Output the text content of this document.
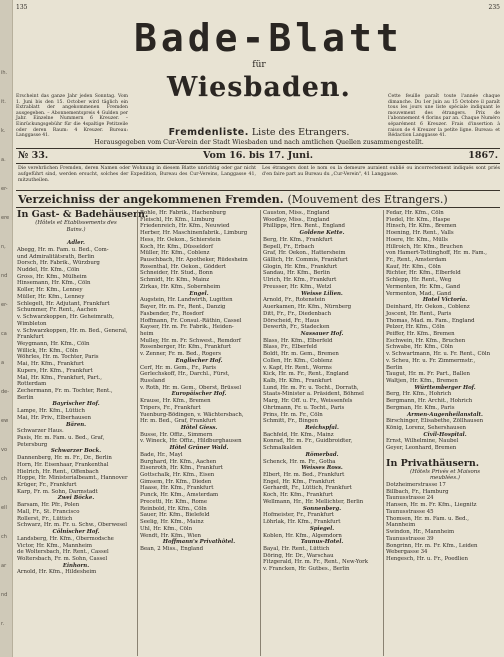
ih.
it.
k.
a.
er-
ere
n,
nd
er-
ca
a
de-
ew
vo
ch
ell
ch
ar
nd
r.
135	235
Bade-Blatt
für
Wiesbaden.
Erscheint das ganze Jahr jeden Sonntag. Vom 1. Juni bis den 15. October wird täglich ein Extrablatt der angekommenen Fremden ausgegeben. – Abonnementspreis 4 Gulden per Jahr. Einzelne Nummern 6 Kreuzer. – Einrückungsgebühr für die 4spaltige Petitzeile oder deren Raum: 4 Kreuzer. Bureau: Langgasse 41.
Cette feuille paraît toute l'année chaque dimanche. Du 1er juin au 15 Octobre il paraît tous les jours une liste spéciale indiquant le mouvement des étrangers. Prix de l'abonnement 4 florins par an. Chaque Numéro séparément 6 Kreuzer. Frais d'insertion à raison de 4 Kreuzer la petite ligne. Bureau: et Rédaction Langgasse 41.
Fremdenliste. Liste des Etrangers.
Herausgegeben vom Cur-Verein der Stadt Wiesbaden und nach amtlichen Quellen zusammengestellt.
№ 33.	Vom 16. bis 17. Juni.	1867.
Die verehrlichen Fremden, deren Namen oder Wohnung in diesem Blatte unrichtig oder gar nicht aufgeführt sind, werden ersucht, solches der Expedition, Bureau des Cur-Vereins, Langgasse 41, mitzutheilen.
Les étrangers dont le nom ou la demeure auraient oublié ou incorrectement indiqués sont priés d'en faire part au Bureau du „Cur-Verein", 41 Langgasse.
Verzeichniss der angekommenen Fremden. (Mouvement des Etrangers.)
In Gast- & Badehäusern.
(Hôtels et Etablissements des
Bains.)
Adler.
Abegg, Hr. m. Fam. u. Bed., Com-
und Admiralitätsrath, Berlin
Dorsch, Hr. Fabrik., Würzburg
Nuddel, Hr. Kfm., Cöln
Gross, Hr. Kfm., Mülheim
Hinsemann, Hr. Kfm., Cöln
Koller, Hr. Kfm., Lenney
Müller, Hr. Kfm., Lenney
Schlegelt, Hr. Adjutant, Frankfurt
Schummer, Fr. Rent., Aachen
v. Schwarzkoppen, Hr. Geheimrath,
Wimbleton
v. Schwarzkoppen, Hr. m. Bed., General,
Frankfurt
Weygmann, Hr. Kfm., Cöln
Willick, Hr. Kfm., Cöln
Wöhrles, Hr. m. Tochter, Paris
Mai, Hr. Kfm., Frankfurt
Kupers, Hr. Kfm., Frankfurt
Mal, Hr. Kfm., Frankfurt, Part.,
Rotterdam
Zechermann, Fr. m. Tochter, Rent.,
Berlin
Bayrischer Hof.
Lampe, Hr. Kfm., Lüttich
Mai, Hr. Priv., Elberhausen
Bären.
Schwarzer Haus.
Pasis, Hr. m. Fam. u. Bed., Graf,
Petersburg
Schwarzer Bock.
Dannenberg, Hr. m. Fr., Dr., Berlin
Horn, Hr. Eisenhaar, Frankenthal
Hielrich, Hr. Rent., Offenbach
Hoppe, Hr. Ministerialbeamt., Hannover
Krüger, Fr., Frankfurt
Karp, Fr. m. Sohn, Darmstadt
Zwei Böcke.
Barsam, Hr. Pfr., Polen
Mall, Fr., St. Francisco
Rollerst, Fr., Lüttich
Schwarz, Hr. m. Fr. u. Schw., Oberwesel
Cölnischer Hof.
Landsberg, Hr. Kfm., Obermodsche
Victor, Hr. Kfm., Mannheim
de Woltersbach, Hr. Rent., Cassel
Woltersbach, Fr. m. Sohn, Cassel
Einhorn.
Arnold, Hr. Kfm., Hildesheim
Bohle, Hr. Fabrik., Hachenburg
Fleischl, Hr. Kfm., Limburg
Friedenreich, Hr. Kfm., Neuwied
Herber, Hr. Maschinenfabrik., Limburg
Hess, Hr. Oekon., Schierstein
Koch, Hr. Kfm., Düsseldorf
Müller, Hr. Kfm., Coblenz
Pauschbach, Hr. Apotheker, Rüdesheim
Rosenthal, Hr. Oekon., Göddert
Schneider, Hr. Stud., Bonn
Schmidt, Hr. Kfm., Mainz
Zirkas, Hr. Kfm., Sobernheim
Engel.
Augstein, Hr. Landwirth, Lugitten
Bayer, Hr. m. Fr., Rent., Danzig
Fasbender, Fr., Rosdorf
Hoffmann, Fr. Consul.-Räthin, Cassel
Kayser, Hr. m. Fr. Fabrik., Heiden-
heim
Mulley, Hr. m. Fr. Schwest., Remdorf
Rosenberger, Hr. Kfm., Frankfurt
v. Zenner, Fr. m. Bed., Rogers
Englischer Hof.
Cerf, Hr. m. Gem., Fr., Paris
Gerlechskoff, Hr., Darchl., Fürst,
Russland
v. Roth, Hr. m. Gem., Oberst, Brüssel
Europäischer Hof.
Krause, Hr. Kfm., Bremen
Tripers, Fr., Frankfurt
Yuenburg-Bödingen, v. Wächtersbach,
Hr. m. Bed., Graf, Frankfurt
Hôtel Giess.
Busse, Hr. Offiz., Simmern
v. Wineck, Hr. Offiz., Hildburghausen
Hôtel Grüner Wald.
Bade, Hr., Mayl
Burghard, Hr. Kfm., Aachen
Eisenroth, Hr. Kfm., Frankfurt
Gottschalk, Hr. Kfm., Eisen
Gimsem, Hr. Kfm., Dieden
Haase, Hr. Kfm., Frankfurt
Punck, Hr. Kfm., Amsterdam
Precetti, Hr. Kfm., Rome
Reinbold, Hr. Kfm., Cöln
Sauer, Hr. Kfm., Bielefeld
Seelig, Hr. Kfm., Mainz
Uhl, Hr. Kfm., Cöln
Wendt, Hr. Kfm., Wien
Hoffmann's Privathôtel.
Bean, 2 Miss., England
Causton, Miss., England
Woodley, Miss., England
Phillipps, Hrn. Rent., England
Goldene Kette.
Berg, Hr. Kfm., Frankfurt
Bepell, Fr., Erbach
Graf, Hr. Oekon., Hattersheim
Gällich, Hr. Commis, Frankfurt
Glogin, Hr. Kfm., Frankfurt
Sandau, Hr. Kfm., Berlin
Ulrich, Hr. Kfm., Frankfurt
Preusser, Hr. Kfm., Wetzl
Weisse Lilien.
Arnold, Fr., Rotenstein
Auerkamen, Hr. Kfm., Nürnberg
Ditt, Fr., Fr., Diedenbach
Dörscheid, Fr., Haus
Dewerth, Fr., Stadecken
Nassauer Hof.
Blass, Hr. Kfm., Elberfeld
Blass, Fr., Elberfeld
Boldt, Hr. m. Gem., Bremen
Collen, Hr. Kfm., Coblenz
v. Kapf, Hr. Rent., Worms
Kick, Hr. m. Fr., Rent., England
Kalb, Hr. Kfm., Frankfurt
Lund, Hr. m. Fr. u. Tocht., Dorrath,
Staats-Minister a. Präsident, Böhmel
Marg, Hr. Off. u. Fr., Weissenfels
Ohrtmann, Fr. u. Tocht., Paris
Prins, Hr. m. Fr., Cöln
Schmitt, Fr., Bingen
Reichspfal.
Bachfeld, Hr. Kfm., Mainz
Konrad, Hr. m. Fr., Guidbroidter,
Schmalkalden
Römerbad.
Schenck, Hr. m. Fr., Gotha
Weisses Ross.
Elbert, Hr. m. Bed., Frankfurt
Engel, Hr. Kfm., Frankfurt
Gerhardt, Fr., Lüttich, Frankfurt
Koch, Hr. Kfm., Frankfurt
Wellmann, Hr., Hr. Mellichter, Berlin
Sonnenberg.
Hofmeister, Fr., Frankfurt
Löhrlak, Hr. Kfm., Frankfurt
Spiegel.
Koblen, Hr. Kfm., Algemdorn
Taunus-Hotel.
Bayal, Hr. Rent., Lüttich
Döring, Hr. Dr., Warschau
Fitzgerald, Hr. m. Fr., Rent., New-York
v. Francken, Hr. Gutbes., Berlin
Fedar, Hr. Kfm., Cöln
Fiedel, Hr. Kfm., Haspe
Hinsch, Hr. Kfm., Bremen
Hoening, Hr. Rent., Valls
Hoere, Hr. Kfm., Mülls
Hillroich, Hr. Kfm., Bruchen
von Hamert-Tottinghoff, Hr. m. Fam.,
Fr., Rent., Amsterdam
Kauf, Hr. Kfm., Cöln
Richter, Hr. Kfm., Elberfeld
Schlepp, Hr. Rent., Weg
Vermenten, Hr. Kfm., Gand
Vermenton, Mad., Gand
Hotel Victoria.
Deinhard, Hr. Oekon., Coblenz
Joscent, Hr. Rent., Paris
Thomas, Mad. m. Fam., England
Pelzer, Hr. Kfm., Cöln
Peiffer, Hr. Kfm., Bremen
Eschwein, Hr. Kfm., Bruchen
Schwabe, Hr. Kfm., Cöln
v. Schwartmann, Hr. u. Fr. Rent., Cöln
v. Scheu, Hr. u. Fr. Zimmermstr.,
Berlin
Taugut, Hr. m. Fr. Part., Ballen
Waltjen, Hr. Kfm., Bremen
Württemberger Hof.
Berg, Hr. Kfm., Hohrich
Bergmann, Hr. Archit., Hohrich
Bergman, Hr. Kfm., Paris
Armen-Augenheilanstalt.
Birschinger, Elisabethe, Zöllhausen
König, Lorenz, Sehershausen
Civil-Hospital.
Ernst, Wilhelmine, Naubel
Geyer, Leonhard, Bremen
In Privathäusern.
(Hôtels Privés et Maisons
meublées.)
Dotzheimerstrasse 17
Billbach, Fr., Hamburg
Taunusstrasse 24
Hansen, Hr. m. Fr. Kfm., Liegnitz
Taunusstrasse 45
Thomsen, Hr. m. Fam. u. Bed.,
Mannheim
Swindon, Hr., Mannheim
Taunusstrasse 39
Bongrinn, Hr. m. Fr. Kfm., Leiden
Webergasse 34
Hengesch, Hr. u. Fr., Poedlien
